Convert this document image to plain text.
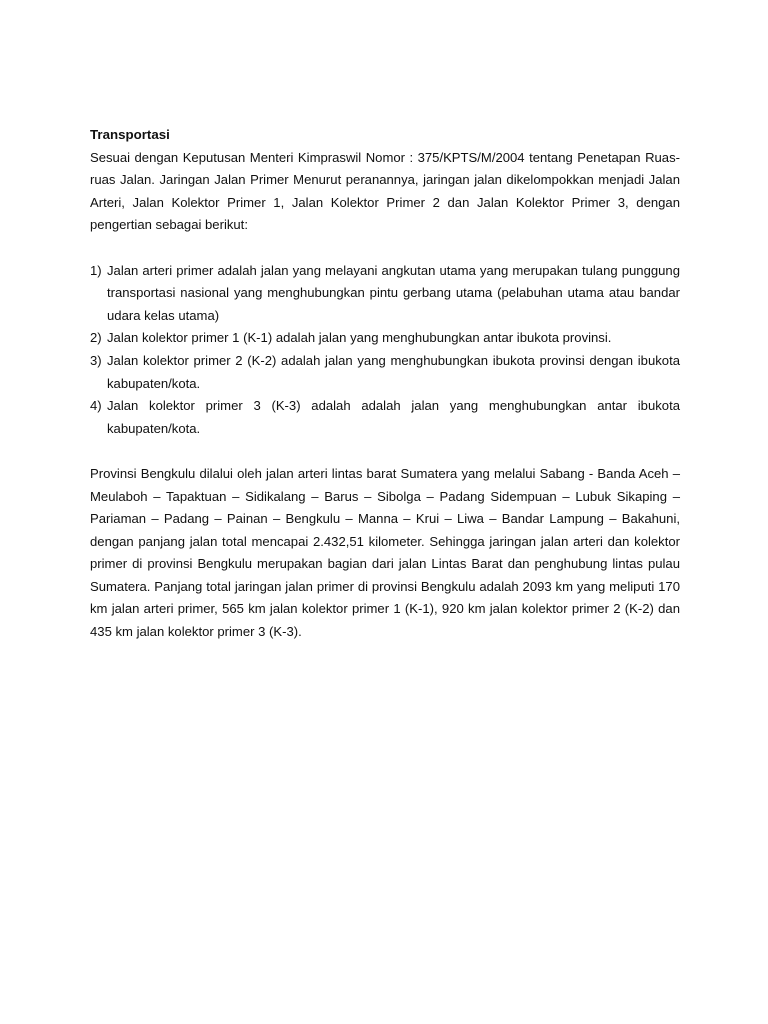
Transportasi

Sesuai dengan Keputusan Menteri Kimpraswil Nomor : 375/KPTS/M/2004 tentang Penetapan Ruas-ruas Jalan. Jaringan Jalan Primer Menurut peranannya, jaringan jalan dikelompokkan menjadi Jalan Arteri, Jalan Kolektor Primer 1, Jalan Kolektor Primer 2 dan Jalan Kolektor Primer 3, dengan pengertian sebagai berikut:

1) Jalan arteri primer adalah jalan yang melayani angkutan utama yang merupakan tulang punggung transportasi nasional yang menghubungkan pintu gerbang utama (pelabuhan utama atau bandar udara kelas utama)
2) Jalan kolektor primer 1 (K-1) adalah jalan yang menghubungkan antar ibukota provinsi.
3) Jalan kolektor primer 2 (K-2) adalah jalan yang menghubungkan ibukota provinsi dengan ibukota kabupaten/kota.
4) Jalan kolektor primer 3 (K-3) adalah adalah jalan yang menghubungkan antar ibukota kabupaten/kota.

Provinsi Bengkulu dilalui oleh jalan arteri lintas barat Sumatera yang melalui Sabang - Banda Aceh – Meulaboh – Tapaktuan – Sidikalang – Barus – Sibolga – Padang Sidempuan – Lubuk Sikaping – Pariaman – Padang – Painan – Bengkulu – Manna – Krui – Liwa – Bandar Lampung – Bakahuni, dengan panjang jalan total mencapai 2.432,51 kilometer. Sehingga jaringan jalan arteri dan kolektor primer di provinsi Bengkulu merupakan bagian dari jalan Lintas Barat dan penghubung lintas pulau Sumatera. Panjang total jaringan jalan primer di provinsi Bengkulu adalah 2093 km yang meliputi 170 km jalan arteri primer, 565 km jalan kolektor primer 1 (K-1), 920 km jalan kolektor primer 2 (K-2) dan 435 km jalan kolektor primer 3 (K-3).
